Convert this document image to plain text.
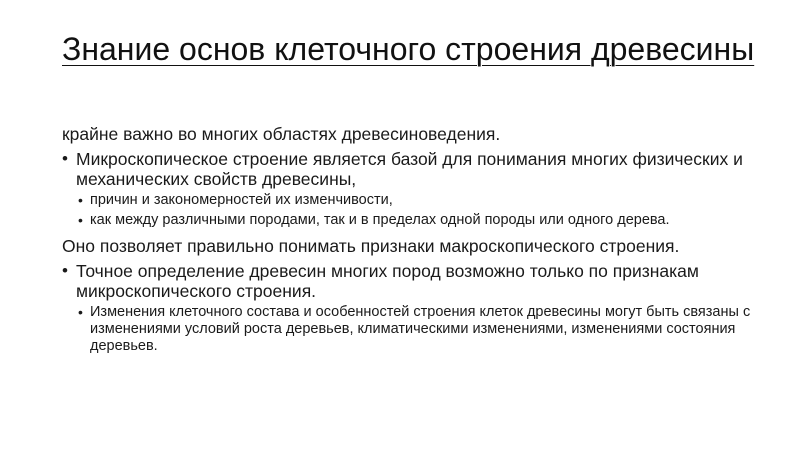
Знание основ клеточного строения древесины

крайне важно во многих областях древесиноведения.

• Микроскопическое строение является базой для понимания многих физических и механических свойств древесины,
• причин и закономерностей их изменчивости,
• как между различными породами, так и в пределах одной породы или одного дерева.

Оно позволяет правильно понимать признаки макроскопического строения.

• Точное определение древесин многих пород возможно только по признакам микроскопического строения.
• Изменения клеточного состава и особенностей строения клеток древесины могут быть связаны с изменениями условий роста деревьев, климатическими изменениями, изменениями состояния деревьев.
